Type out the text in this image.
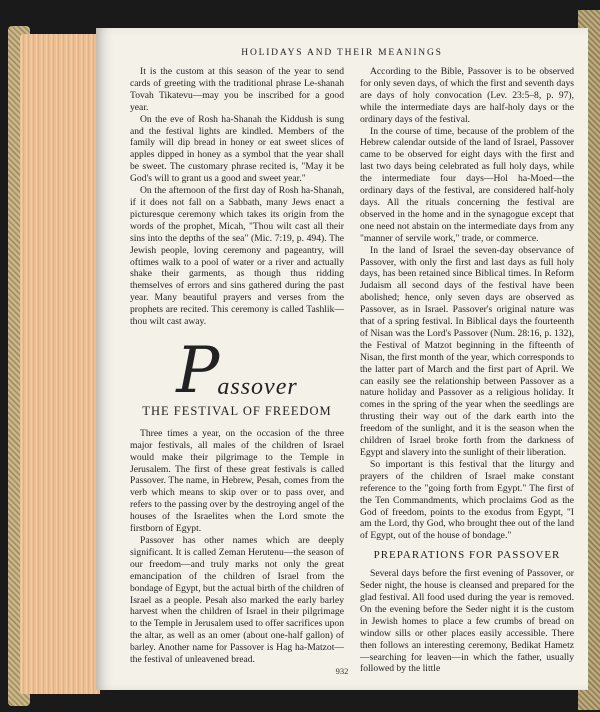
HOLIDAYS AND THEIR MEANINGS

It is the custom at this season of the year to send cards of greeting with the traditional phrase Le-shanah Tovah Tikatevu—may you be inscribed for a good year.

On the eve of Rosh ha-Shanah the Kiddush is sung and the festival lights are kindled. Members of the family will dip bread in honey or eat sweet slices of apples dipped in honey as a symbol that the year shall be sweet. The customary phrase recited is, "May it be God's will to grant us a good and sweet year."

On the afternoon of the first day of Rosh ha-Shanah, if it does not fall on a Sabbath, many Jews enact a picturesque ceremony which takes its origin from the words of the prophet, Micah, "Thou wilt cast all their sins into the depths of the sea" (Mic. 7:19, p. 494). The Jewish people, loving ceremony and pageantry, will oftimes walk to a pool of water or a river and actually shake their garments, as though thus ridding themselves of errors and sins gathered during the past year. Many beautiful prayers and verses from the prophets are recited. This ceremony is called Tashlik—thou wilt cast away.

P
assover
THE FESTIVAL OF FREEDOM

Three times a year, on the occasion of the three major festivals, all males of the children of Israel would make their pilgrimage to the Temple in Jerusalem. The first of these great festivals is called Passover. The name, in Hebrew, Pesah, comes from the verb which means to skip over or to pass over, and refers to the passing over by the destroying angel of the houses of the Israelites when the Lord smote the firstborn of Egypt.

Passover has other names which are deeply significant. It is called Zeman Herutenu—the season of our freedom—and truly marks not only the great emancipation of the children of Israel from the bondage of Egypt, but the actual birth of the children of Israel as a people. Pesah also marked the early barley harvest when the children of Israel in their pilgrimage to the Temple in Jerusalem used to offer sacrifices upon the altar, as well as an omer (about one-half gallon) of barley. Another name for Passover is Hag ha-Matzot—the festival of unleavened bread.

According to the Bible, Passover is to be observed for only seven days, of which the first and seventh days are days of holy convocation (Lev. 23:5–8, p. 97), while the intermediate days are half-holy days or the ordinary days of the festival.

In the course of time, because of the problem of the Hebrew calendar outside of the land of Israel, Passover came to be observed for eight days with the first and last two days being celebrated as full holy days, while the intermediate four days—Hol ha-Moed—the ordinary days of the festival, are considered half-holy days. All the rituals concerning the festival are observed in the home and in the synagogue except that one need not abstain on the intermediate days from any "manner of servile work," trade, or commerce.

In the land of Israel the seven-day observance of Passover, with only the first and last days as full holy days, has been retained since Biblical times. In Reform Judaism all second days of the festival have been abolished; hence, only seven days are observed as Passover, as in Israel. Passover's original nature was that of a spring festival. In Biblical days the fourteenth of Nisan was the Lord's Passover (Num. 28:16, p. 132), the Festival of Matzot beginning in the fifteenth of Nisan, the first month of the year, which corresponds to the latter part of March and the first part of April. We can easily see the relationship between Passover as a nature holiday and Passover as a religious holiday. It comes in the spring of the year when the seedlings are thrusting their way out of the dark earth into the freedom of the sunlight, and it is the season when the children of Israel broke forth from the darkness of Egypt and slavery into the sunlight of their liberation.

So important is this festival that the liturgy and prayers of the children of Israel make constant reference to the "going forth from Egypt." The first of the Ten Commandments, which proclaims God as the God of freedom, points to the exodus from Egypt, "I am the Lord, thy God, who brought thee out of the land of Egypt, out of the house of bondage."

PREPARATIONS FOR PASSOVER

Several days before the first evening of Passover, or Seder night, the house is cleansed and prepared for the glad festival. All food used during the year is removed. On the evening before the Seder night it is the custom in Jewish homes to place a few crumbs of bread on window sills or other places easily accessible. There then follows an interesting ceremony, Bedikat Hametz—searching for leaven—in which the father, usually followed by the little

932
